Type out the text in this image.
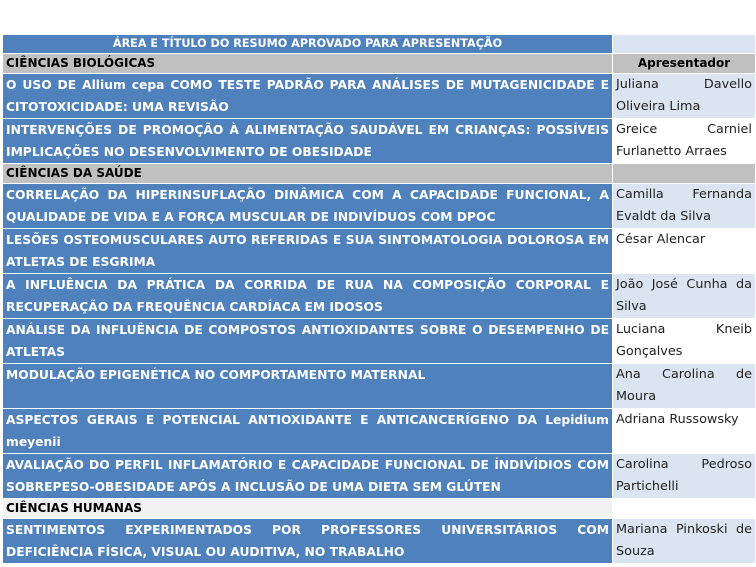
ÁREA E TÍTULO DO RESUMO APROVADO PARA APRESENTAÇÃO	
CIÊNCIAS BIOLÓGICAS	Apresentador
O USO DE Allium cepa COMO TESTE PADRÃO PARA ANÁLISES DE MUTAGENICIDADE E CITOTOXICIDADE: UMA REVISÃO	Juliana Davello Oliveira Lima
INTERVENÇÕES DE PROMOÇÃO À ALIMENTAÇÃO SAUDÁVEL EM CRIANÇAS: POSSÍVEIS IMPLICAÇÕES NO DESENVOLVIMENTO DE OBESIDADE	Greice Carniel Furlanetto Arraes
CIÊNCIAS DA SAÚDE	
CORRELAÇÃO DA HIPERINSUFLAÇÃO DINÂMICA COM A CAPACIDADE FUNCIONAL, A QUALIDADE DE VIDA E A FORÇA MUSCULAR DE INDIVÍDUOS COM DPOC	Camilla Fernanda Evaldt da Silva
LESÕES OSTEOMUSCULARES AUTO REFERIDAS E SUA SINTOMATOLOGIA DOLOROSA EM ATLETAS DE ESGRIMA	César Alencar
A INFLUÊNCIA DA PRÁTICA DA CORRIDA DE RUA NA COMPOSIÇÃO CORPORAL E RECUPERAÇÃO DA FREQUÊNCIA CARDÍACA EM IDOSOS	João José Cunha da Silva
ANÁLISE DA INFLUÊNCIA DE COMPOSTOS ANTIOXIDANTES SOBRE O DESEMPENHO DE ATLETAS	Luciana Kneib Gonçalves
MODULAÇÃO EPIGENÉTICA NO COMPORTAMENTO MATERNAL	Ana Carolina de Moura
ASPECTOS GERAIS E POTENCIAL ANTIOXIDANTE E ANTICANCERÍGENO DA Lepidium meyenii	Adriana Russowsky
AVALIAÇÃO DO PERFIL INFLAMATÓRIO E CAPACIDADE FUNCIONAL DE ÍNDIVÍDIOS COM SOBREPESO-OBESIDADE APÓS A INCLUSÃO DE UMA DIETA SEM GLÚTEN	Carolina Pedroso Partichelli
CIÊNCIAS HUMANAS	
SENTIMENTOS EXPERIMENTADOS POR PROFESSORES UNIVERSITÁRIOS COM DEFICIÊNCIA FÍSICA, VISUAL OU AUDITIVA, NO TRABALHO	Mariana Pinkoski de Souza
